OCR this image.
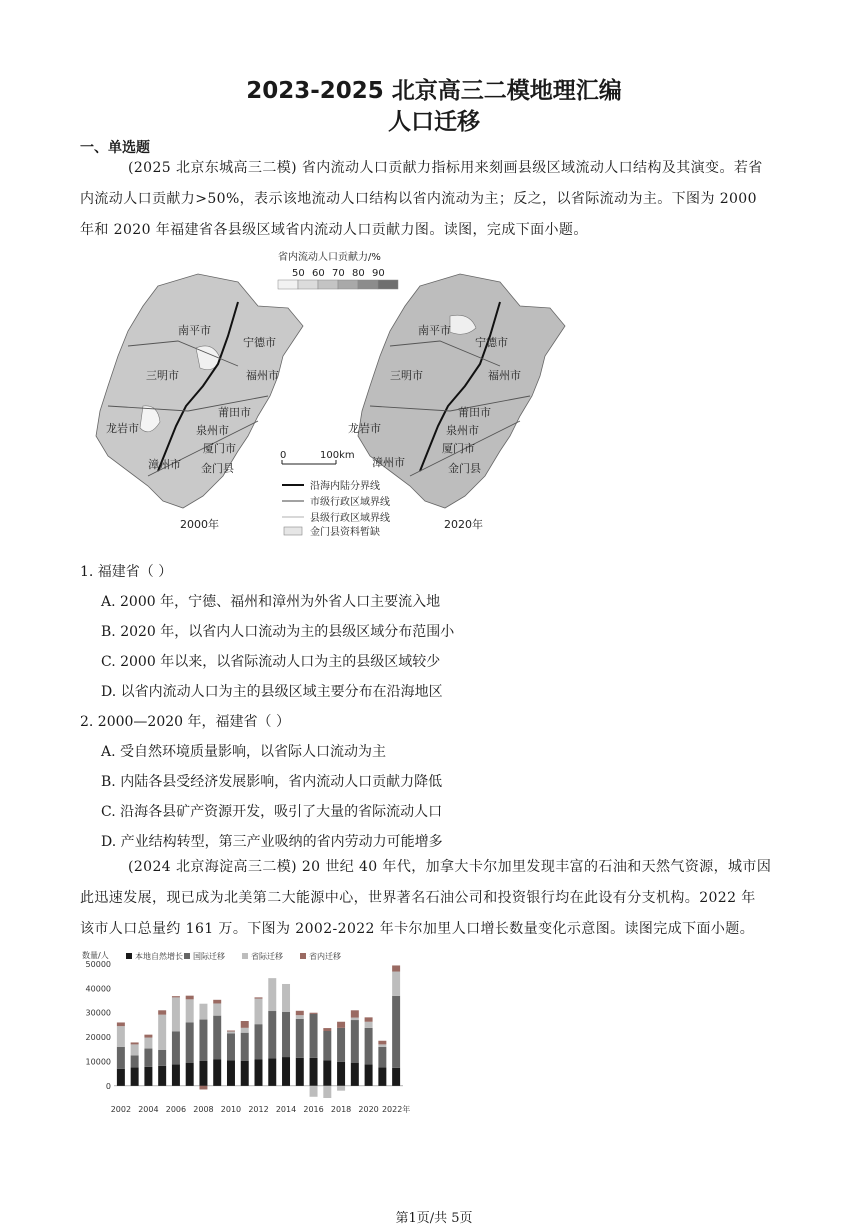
2023-2025 北京高三二模地理汇编
人口迁移
一、单选题
(2025 北京东城高三二模) 省内流动人口贡献力指标用来刻画县级区域流动人口结构及其演变。若省
内流动人口贡献力>50%，表示该地流动人口结构以省内流动为主；反之，以省际流动为主。下图为 2000
年和 2020 年福建省各县级区域省内流动人口贡献力图。读图，完成下面小题。
省内流动人口贡献力/%
50 60 70 80 90
南平市
宁德市
三明市	福州市
莆田市
龙岩市	泉州市
漳州市
厦门市
金门县
2000年
南平市
宁德市
三明市	福州市
莆田市
龙岩市	泉州市
漳州市
厦门市
金门县
2020年
0	100km
沿海内陆分界线
市级行政区域界线
县级行政区域界线
金门县资料暂缺
1. 福建省（ ）
A. 2000 年，宁德、福州和漳州为外省人口主要流入地
B. 2020 年，以省内人口流动为主的县级区域分布范围小
C. 2000 年以来，以省际流动人口为主的县级区域较少
D. 以省内流动人口为主的县级区域主要分布在沿海地区
2. 2000—2020 年，福建省（ ）
A. 受自然环境质量影响，以省际人口流动为主
B. 内陆各县受经济发展影响，省内流动人口贡献力降低
C. 沿海各县矿产资源开发，吸引了大量的省际流动人口
D. 产业结构转型，第三产业吸纳的省内劳动力可能增多
(2024 北京海淀高三二模) 20 世纪 40 年代，加拿大卡尔加里发现丰富的石油和天然气资源，城市因
此迅速发展，现已成为北美第二大能源中心，世界著名石油公司和投资银行均在此设有分支机构。2022 年
该市人口总量约 161 万。下图为 2002-2022 年卡尔加里人口增长数量变化示意图。读图完成下面小题。
数量/人	本地自然增长 国际迁移	省际迁移	省内迁移
0
10000
20000
30000
40000
50000
2002 2004 2006 2008 2010 2012 2014 2016 2018 2020 2022年
第1页/共 5页
